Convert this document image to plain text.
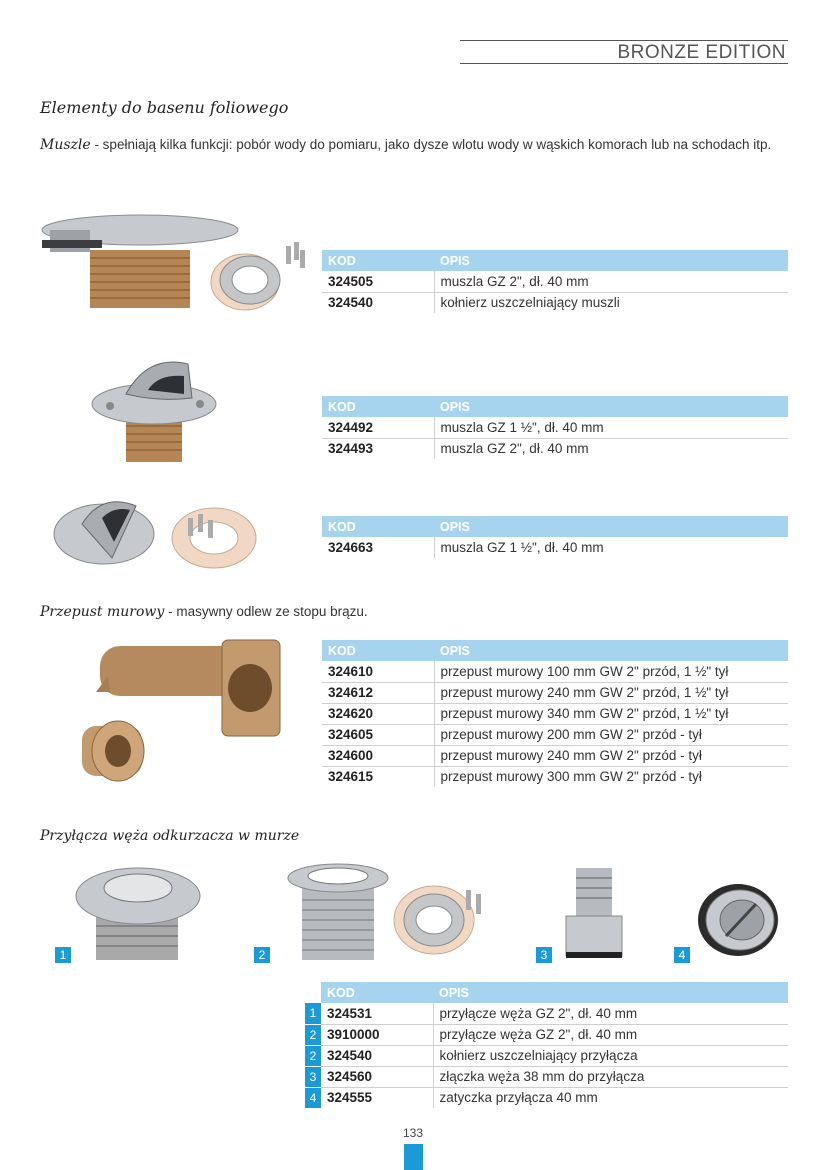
BRONZE EDITION
Elementy do basenu foliowego
Muszle - spełniają kilka funkcji: pobór wody do pomiaru, jako dysze wlotu wody w wąskich komorach lub na schodach itp.
KOD	OPIS
324505	muszla GZ 2", dł. 40 mm
324540	kołnierz uszczelniający muszli
KOD	OPIS
324492	muszla GZ 1 ½", dł. 40 mm
324493	muszla GZ 2", dł. 40 mm
KOD	OPIS
324663	muszla GZ 1 ½", dł. 40 mm
Przepust murowy - masywny odlew ze stopu brązu.
KOD	OPIS
324610	przepust murowy 100 mm GW 2" przód, 1 ½" tył
324612	przepust murowy 240 mm GW 2" przód, 1 ½" tył
324620	przepust murowy 340 mm GW 2" przód, 1 ½" tył
324605	przepust murowy 200 mm GW 2" przód - tył
324600	przepust murowy 240 mm GW 2" przód - tył
324615	przepust murowy 300 mm GW 2" przód - tył
Przyłącza węża odkurzacza w murze
1	2	3	4
	KOD	OPIS
1	324531	przyłącze węża GZ 2", dł. 40 mm
2	3910000	przyłącze węża GZ 2", dł. 40 mm
2	324540	kołnierz uszczelniający przyłącza
3	324560	złączka węża 38 mm do przyłącza
4	324555	zatyczka przyłącza 40 mm
133
